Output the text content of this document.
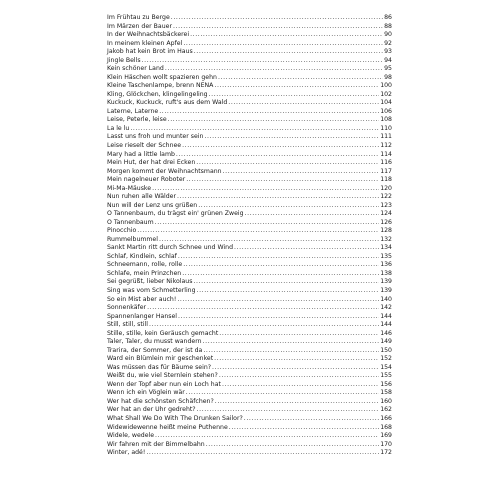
Im Frühtau zu Berge .....	86
Im Märzen der Bauer .....	88
In der Weihnachtsbäckerei .....	90
In meinem kleinen Apfel .....	92
Jakob hat kein Brot im Haus .....	93
Jingle Bells .....	94
Kein schöner Land .....	95
Klein Häschen wollt spazieren gehn .....	98
Kleine Taschenlampe, brenn NENA .....	100
Kling, Glöckchen, klingelingeling .....	102
Kuckuck, Kuckuck, ruft's aus dem Wald .....	104
Laterne, Laterne .....	106
Leise, Peterle, leise .....	108
La le lu .....	110
Lasst uns froh und munter sein .....	111
Leise rieselt der Schnee .....	112
Mary had a little lamb .....	114
Mein Hut, der hat drei Ecken .....	116
Morgen kommt der Weihnachtsmann .....	117
Mein nagelneuer Roboter .....	118
Mi-Ma-Mäuske .....	120
Nun ruhen alle Wälder .....	122
Nun will der Lenz uns grüßen .....	123
O Tannenbaum, du trägst ein' grünen Zweig .....	124
O Tannenbaum .....	126
Pinocchio .....	128
Rummelbummel .....	132
Sankt Martin ritt durch Schnee und Wind .....	134
Schlaf, Kindlein, schlaf .....	135
Schneemann, rolle, rolle .....	136
Schlafe, mein Prinzchen .....	138
Sei gegrüßt, lieber Nikolaus .....	139
Sing was vom Schmetterling .....	139
So ein Mist aber auch! .....	140
Sonnenkäfer .....	142
Spannenlanger Hansel .....	144
Still, still, still .....	144
Stille, stille, kein Geräusch gemacht .....	146
Taler, Taler, du musst wandern .....	149
Trarira, der Sommer, der ist da .....	150
Ward ein Blümlein mir geschenket .....	152
Was müssen das für Bäume sein? .....	154
Weißt du, wie viel Sternlein stehen? .....	155
Wenn der Topf aber nun ein Loch hat .....	156
Wenn ich ein Vöglein wär .....	158
Wer hat die schönsten Schäfchen? .....	160
Wer hat an der Uhr gedreht? .....	162
What Shall We Do With The Drunken Sailor? .....	166
Widewidewenne heißt meine Puthenne .....	168
Widele, wedele .....	169
Wir fahren mit der Bimmelbahn .....	170
Winter, adé! .....	172
